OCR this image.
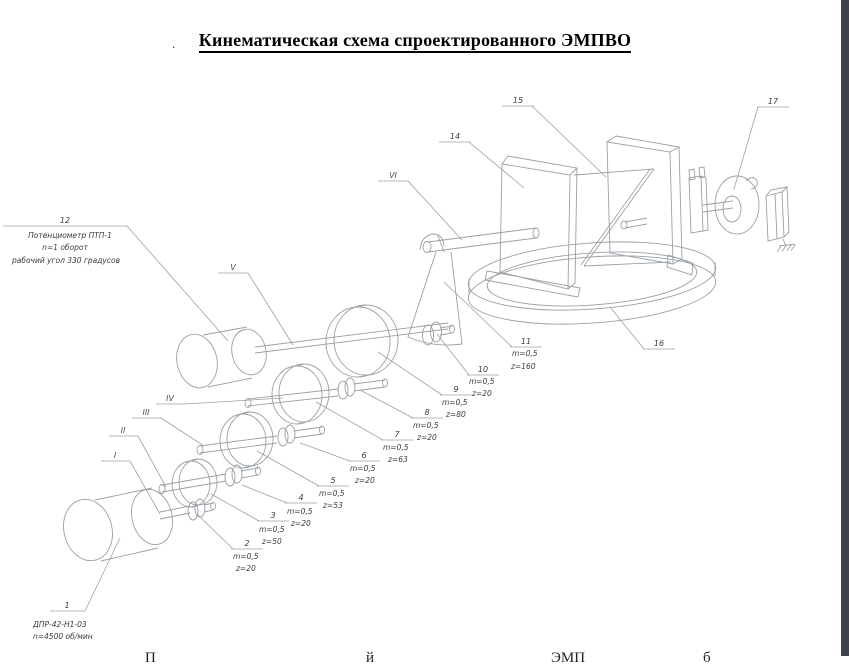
.	Кинематическая схема спроектированного ЭМПВО
1
ДПР-42-Н1-03
n=4500 об/мин
2
m=0,5
z=20
3
m=0,5
z=50
4
m=0,5
z=20
5
m=0,5
z=53
6
m=0,5
z=20
7
m=0,5
z=63
8
m=0,5
z=20
9
m=0,5
z=80
10
m=0,5
z=20
11
m=0,5
z=160
12
Потенциометр ПТП-1
n=1 оборот
рабочий угол 330 градусов
14
15
16
17
I
II
III
IV
V
VI
П	й	ЭМП	б
